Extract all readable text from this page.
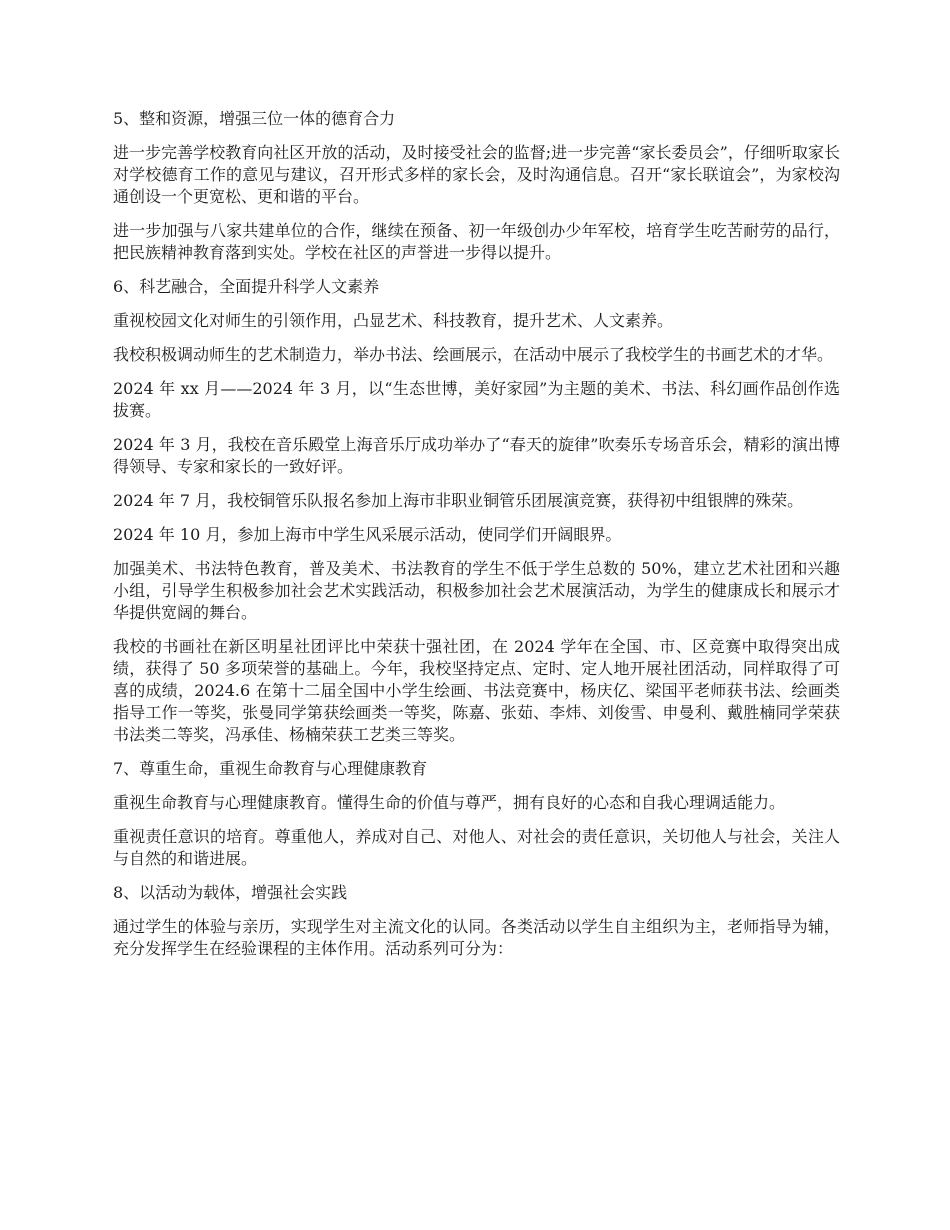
5、整和资源，增强三位一体的德育合力

进一步完善学校教育向社区开放的活动，及时接受社会的监督;进一步完善“家长委员会”，仔细听取家长对学校德育工作的意见与建议，召开形式多样的家长会，及时沟通信息。召开“家长联谊会”，为家校沟通创设一个更宽松、更和谐的平台。

进一步加强与八家共建单位的合作，继续在预备、初一年级创办少年军校，培育学生吃苦耐劳的品行，把民族精神教育落到实处。学校在社区的声誉进一步得以提升。

6、科艺融合，全面提升科学人文素养

重视校园文化对师生的引领作用，凸显艺术、科技教育，提升艺术、人文素养。

我校积极调动师生的艺术制造力，举办书法、绘画展示，在活动中展示了我校学生的书画艺术的才华。

2024 年 xx 月——2024 年 3 月，以“生态世博，美好家园”为主题的美术、书法、科幻画作品创作选拔赛。

2024 年 3 月，我校在音乐殿堂上海音乐厅成功举办了“春天的旋律”吹奏乐专场音乐会，精彩的演出博得领导、专家和家长的一致好评。

2024 年 7 月，我校铜管乐队报名参加上海市非职业铜管乐团展演竞赛，获得初中组银牌的殊荣。

2024 年 10 月，参加上海市中学生风采展示活动，使同学们开阔眼界。

加强美术、书法特色教育，普及美术、书法教育的学生不低于学生总数的 50%，建立艺术社团和兴趣小组，引导学生积极参加社会艺术实践活动，积极参加社会艺术展演活动，为学生的健康成长和展示才华提供宽阔的舞台。

我校的书画社在新区明星社团评比中荣获十强社团，在 2024 学年在全国、市、区竞赛中取得突出成绩，获得了 50 多项荣誉的基础上。今年，我校坚持定点、定时、定人地开展社团活动，同样取得了可喜的成绩，2024.6 在第十二届全国中小学生绘画、书法竞赛中，杨庆亿、梁国平老师获书法、绘画类指导工作一等奖，张曼同学第获绘画类一等奖，陈嘉、张茹、李炜、刘俊雪、申曼利、戴胜楠同学荣获书法类二等奖，冯承佳、杨楠荣获工艺类三等奖。

7、尊重生命，重视生命教育与心理健康教育

重视生命教育与心理健康教育。懂得生命的价值与尊严，拥有良好的心态和自我心理调适能力。

重视责任意识的培育。尊重他人，养成对自己、对他人、对社会的责任意识，关切他人与社会，关注人与自然的和谐进展。

8、以活动为载体，增强社会实践

通过学生的体验与亲历，实现学生对主流文化的认同。各类活动以学生自主组织为主，老师指导为辅，充分发挥学生在经验课程的主体作用。活动系列可分为：
